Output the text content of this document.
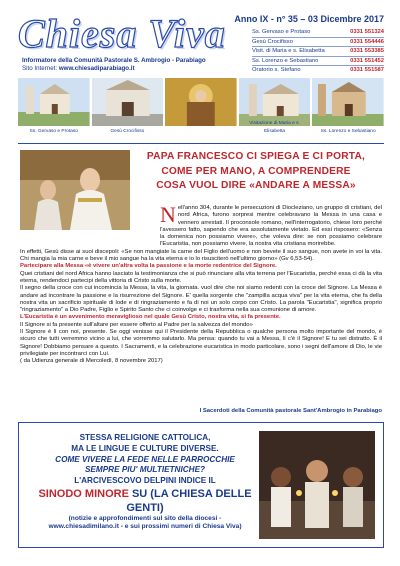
Chiesa Viva
Informatore della Comunità Pastorale S. Ambrogio - Parabiago
Sito Internet: www.chiesadiparabiago.it
Anno IX - n° 35 – 03 Dicembre 2017
Ss. Gervaso e Protaso	0331 551324
Gesù Crocifisso	0331 554446
Visit. di Maria e s. Elisabetta	0331 553385
Ss. Lorenzo e Sebastiano	0331 551452
Oratorio s. Stefano	0331 551587
Ss. Gervaso e Protaso	Gesù Crocifisso
Visitazione di Maria e s. Elisabetta	Ss. Lorenzo e Sebastiano
PAPA FRANCESCO CI SPIEGA E CI PORTA,
COME PER MANO, A COMPRENDERE
COSA VUOL DIRE «ANDARE A MESSA»

Nell'anno 304, durante le persecuzioni di Diocleziano, un gruppo di cristiani, del nord Africa, furono sorpresi mentre celebravano la Messa in una casa e vennero arrestati. Il proconsole romano, nell'interrogatorio, chiese loro perché l'avessero fatto, sapendo che era assolutamente vietato. Ed essi risposero: «Senza la domenica non possiamo vivere», che voleva dire: se non possiamo celebrare l'Eucaristia, non possiamo vivere, la nostra vita cristiana morirebbe.

In effetti, Gesù disse ai suoi discepoli: «Se non mangiate la carne del Figlio dell'uomo e non bevete il suo sangue, non avete in voi la vita. Chi mangia la mia carne e beve il mio sangue ha la vita eterna e io lo risusciterò nell'ultimo giorno» (Gv 6,53-54).

Partecipare alla Messa «è vivere un'altra volta la passione e la morte redentrice del Signore.

Quei cristiani del nord Africa hanno lasciato la testimonianza che si può rinunciare alla vita terrena per l'Eucaristia, perché essa ci dà la vita eterna, rendendoci partecipi della vittoria di Cristo sulla morte.

Il segno della croce con cui incomincia la Messa, la vita, la giornata. vuol dire che noi siamo redenti con la croce del Signore. La Messa è andare ad incontrare la passione e la risurrezione del Signore. E' quella sorgente che "zampilla acqua viva" per la vita eterna, che fa della nostra vita un sacrificio spirituale di lode e di ringraziamento e fa di noi un solo corpo con Cristo. La parola "Eucaristia", significa proprio "ringraziamento" a Dio Padre, Figlio e Spirito Santo che ci coinvolge e ci trasforma nella sua comunione di amore.

L'Eucaristia è un avvenimento meraviglioso nel quale Gesù Cristo, nostra vita, si fa presente.

Il Signore si fa presente sull'altare per essere offerto al Padre per la salvezza del mondo»

Il Signore è lì con noi, presente. Se oggi venisse qui il Presidente della Repubblica o qualche persona molto importante del mondo, è sicuro che tutti verremmo vicino a lui, che vorremmo salutarlo. Ma pensa: quando tu vai a Messa, lì c'è il Signore! E tu sei distratto. È il Signore! Dobbiamo pensare a questo. I Sacramenti, e la celebrazione eucaristica in modo particolare, sono i segni dell'amore di Dio, le vie privilegiate per incontrarci con Lui.

( da Udienza generale di Mercoledì, 8 novembre 2017)

I Sacerdoti della Comunità pastorale Sant'Ambrogio in Parabiago
STESSA RELIGIONE CATTOLICA,
MA LE LINGUE E CULTURE DIVERSE.
COME VIVERE LA FEDE NELLE PARROCCHIE
SEMPRE PIU' MULTIETNICHE?
L'ARCIVESCOVO DELPINI INDICE IL
SINODO MINORE SU (LA CHIESA DELLE GENTI)
(notizie e approfondimenti sul sito della diocesi -
www.chiesadimilano.it - e sui prossimi numeri di Chiesa Viva)
